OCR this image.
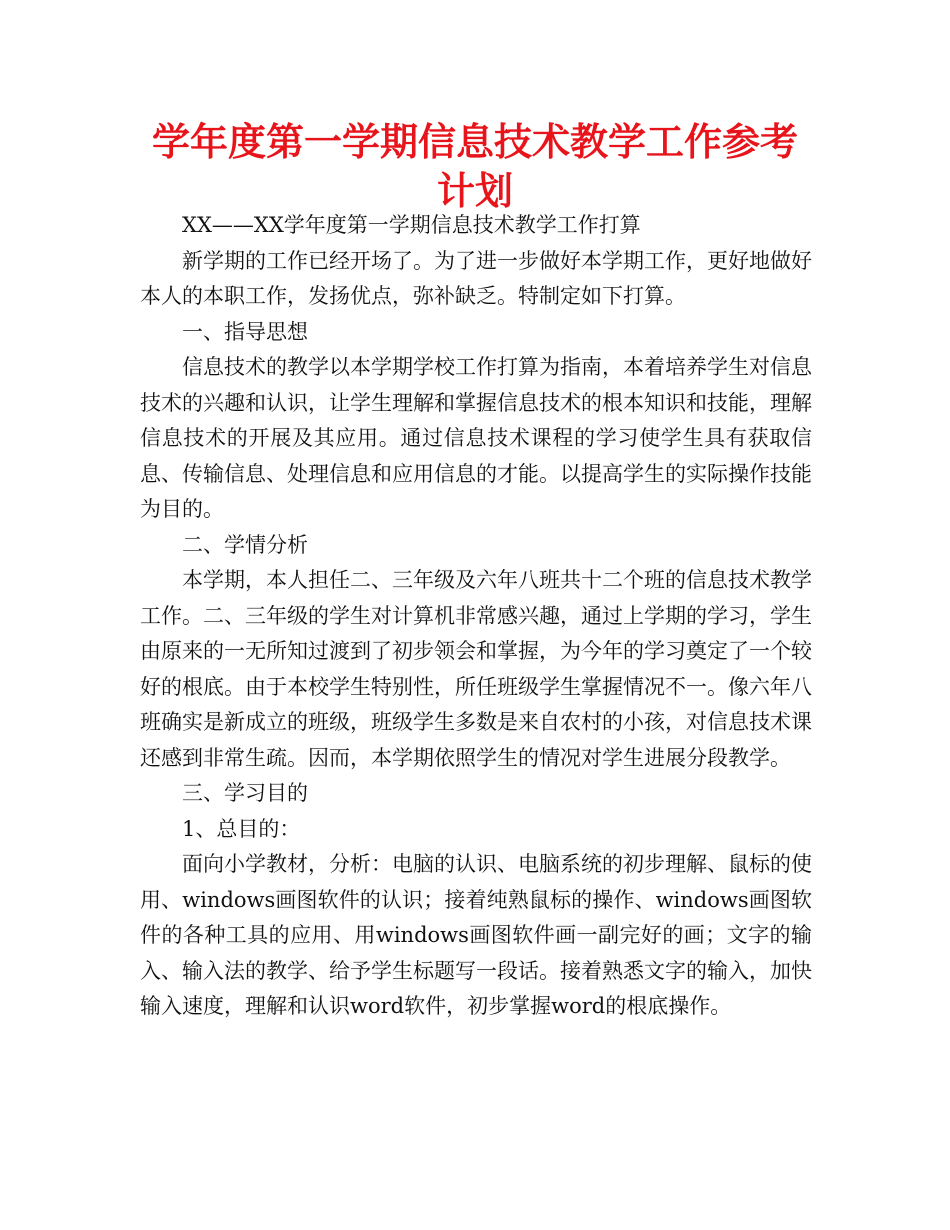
学年度第一学期信息技术教学工作参考计划

XX——XX学年度第一学期信息技术教学工作打算

新学期的工作已经开场了。为了进一步做好本学期工作，更好地做好本人的本职工作，发扬优点，弥补缺乏。特制定如下打算。

一、指导思想

信息技术的教学以本学期学校工作打算为指南，本着培养学生对信息技术的兴趣和认识，让学生理解和掌握信息技术的根本知识和技能，理解信息技术的开展及其应用。通过信息技术课程的学习使学生具有获取信息、传输信息、处理信息和应用信息的才能。以提高学生的实际操作技能为目的。

二、学情分析

本学期，本人担任二、三年级及六年八班共十二个班的信息技术教学工作。二、三年级的学生对计算机非常感兴趣，通过上学期的学习，学生由原来的一无所知过渡到了初步领会和掌握，为今年的学习奠定了一个较好的根底。由于本校学生特别性，所任班级学生掌握情况不一。像六年八班确实是新成立的班级，班级学生多数是来自农村的小孩，对信息技术课还感到非常生疏。因而，本学期依照学生的情况对学生进展分段教学。

三、学习目的

1、总目的：

面向小学教材，分析：电脑的认识、电脑系统的初步理解、鼠标的使用、windows画图软件的认识；接着纯熟鼠标的操作、windows画图软件的各种工具的应用、用windows画图软件画一副完好的画；文字的输入、输入法的教学、给予学生标题写一段话。接着熟悉文字的输入，加快输入速度，理解和认识word软件，初步掌握word的根底操作。
